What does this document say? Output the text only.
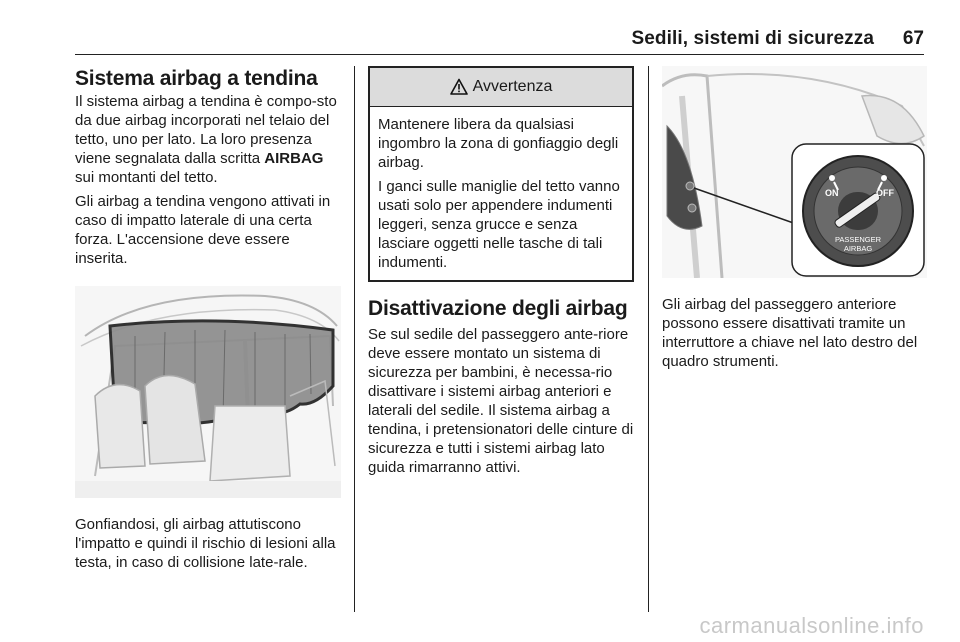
Sedili, sistemi di sicurezza 67
Sistema airbag a tendina

Il sistema airbag a tendina è compo-sto da due airbag incorporati nel telaio del tetto, uno per lato. La loro presenza viene segnalata dalla scritta AIRBAG sui montanti del tetto.

Gli airbag a tendina vengono attivati in caso di impatto laterale di una certa forza. L'accensione deve essere inserita.

Gonfiandosi, gli airbag attutiscono l'impatto e quindi il rischio di lesioni alla testa, in caso di collisione late-rale.

Avvertenza

Mantenere libera da qualsiasi ingombro la zona di gonfiaggio degli airbag.

I ganci sulle maniglie del tetto vanno usati solo per appendere indumenti leggeri, senza grucce e senza lasciare oggetti nelle tasche di tali indumenti.

Disattivazione degli airbag

Se sul sedile del passeggero ante-riore deve essere montato un sistema di sicurezza per bambini, è necessa-rio disattivare i sistemi airbag anteriori e laterali del sedile. Il sistema airbag a tendina, i pretensionatori delle cinture di sicurezza e tutti i sistemi airbag lato guida rimarranno attivi.

ON	OFF
PASSENGER
AIRBAG

Gli airbag del passeggero anteriore possono essere disattivati tramite un interruttore a chiave nel lato destro del quadro strumenti.

carmanualsonline.info
